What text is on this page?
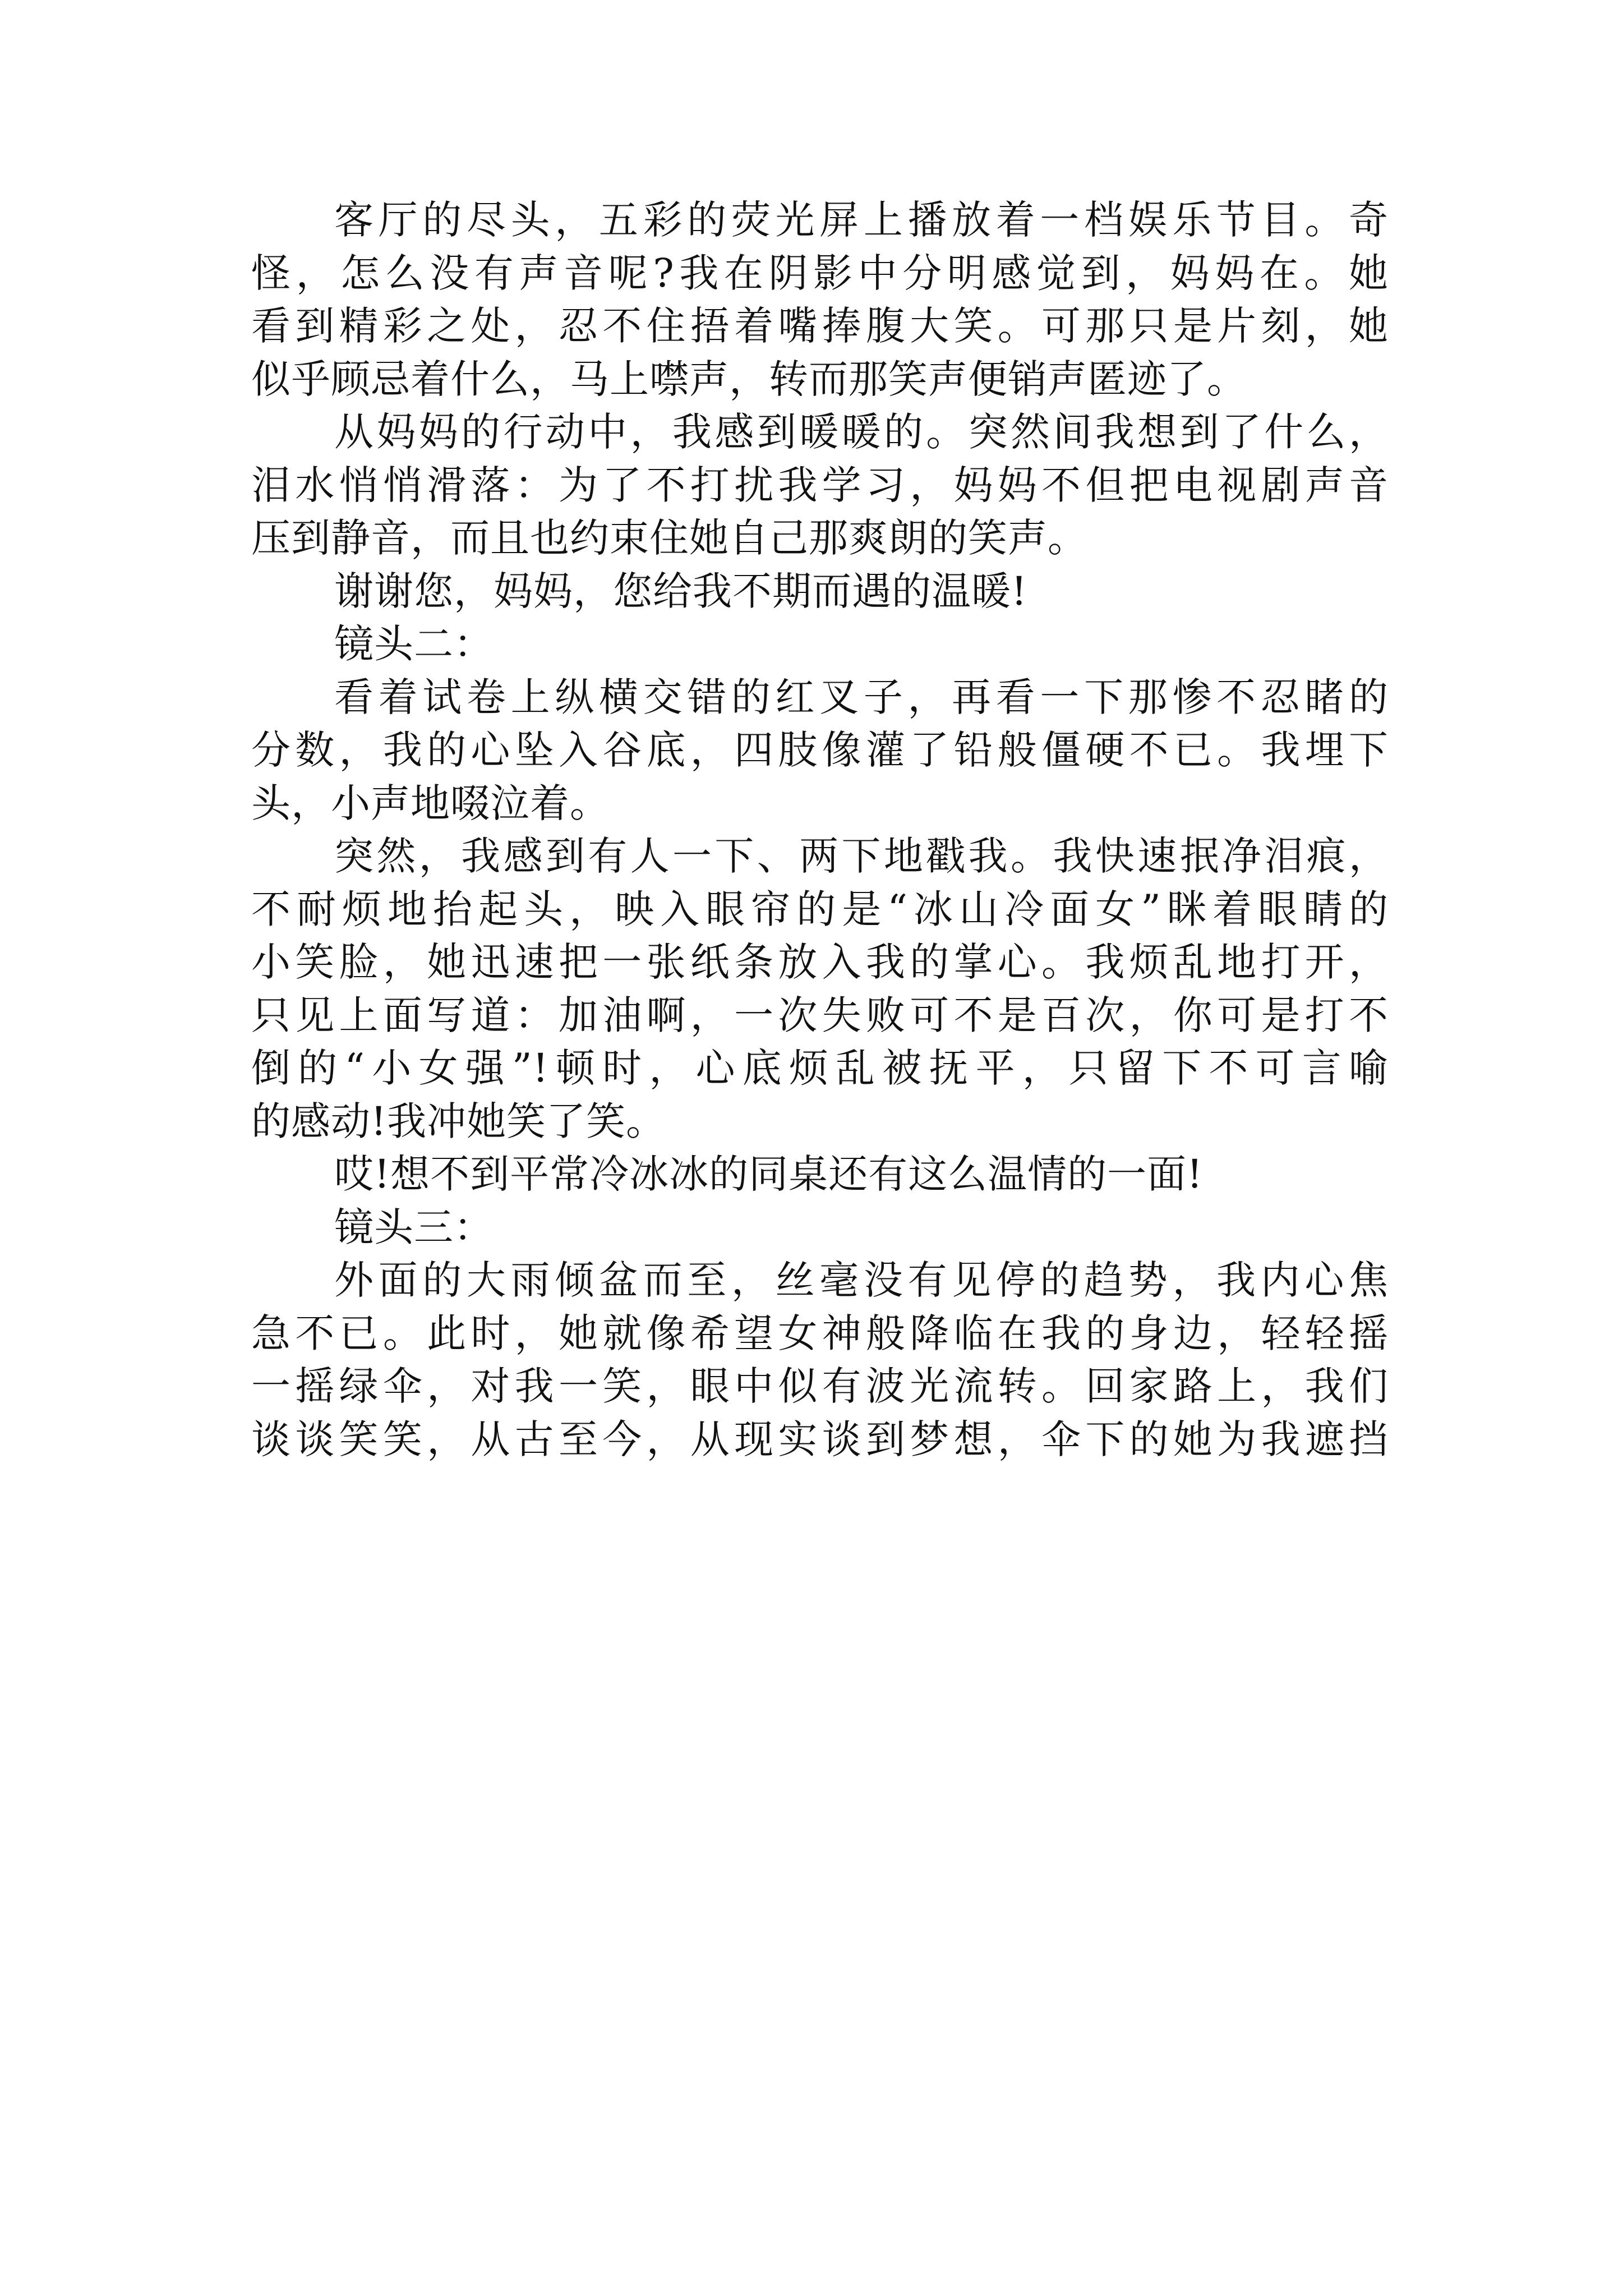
客厅的尽头，五彩的荧光屏上播放着一档娱乐节目。奇
怪，怎么没有声音呢?我在阴影中分明感觉到，妈妈在。她
看到精彩之处，忍不住捂着嘴捧腹大笑。可那只是片刻，她
似乎顾忌着什么，马上噤声，转而那笑声便销声匿迹了。
从妈妈的行动中，我感到暖暖的。突然间我想到了什么，
泪水悄悄滑落：为了不打扰我学习，妈妈不但把电视剧声音
压到静音，而且也约束住她自己那爽朗的笑声。
谢谢您，妈妈，您给我不期而遇的温暖!
镜头二：
看着试卷上纵横交错的红叉子，再看一下那惨不忍睹的
分数，我的心坠入谷底，四肢像灌了铅般僵硬不已。我埋下
头，小声地啜泣着。
突然，我感到有人一下、两下地戳我。我快速抿净泪痕，
不耐烦地抬起头，映入眼帘的是“冰山冷面女”眯着眼睛的
小笑脸，她迅速把一张纸条放入我的掌心。我烦乱地打开，
只见上面写道：加油啊，一次失败可不是百次，你可是打不
倒的“小女强”!顿时，心底烦乱被抚平，只留下不可言喻
的感动!我冲她笑了笑。
哎!想不到平常冷冰冰的同桌还有这么温情的一面!
镜头三：
外面的大雨倾盆而至，丝毫没有见停的趋势，我内心焦
急不已。此时，她就像希望女神般降临在我的身边，轻轻摇
一摇绿伞，对我一笑，眼中似有波光流转。回家路上，我们
谈谈笑笑，从古至今，从现实谈到梦想，伞下的她为我遮挡
